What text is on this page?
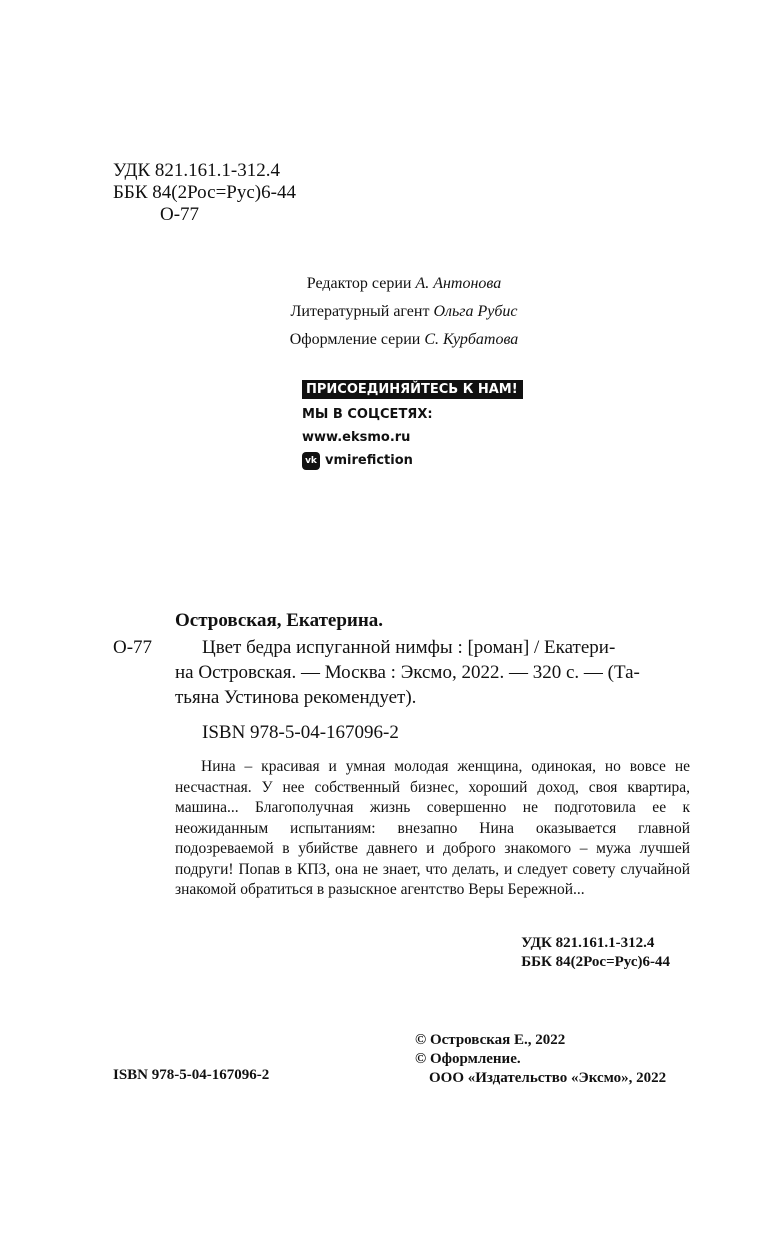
УДК 821.161.1-312.4
ББК 84(2Рос=Рус)6-44
О-77
Редактор серии А. Антонова
Литературный агент Ольга Рубис
Оформление серии С. Курбатова
ПРИСОЕДИНЯЙТЕСЬ К НАМ!
МЫ В СОЦСЕТЯХ:
www.eksmo.ru
vk vmirefiction
Островская, Екатерина.
О-77	Цвет бедра испуганной нимфы : [роман] / Екатери-
на Островская. — Москва : Эксмо, 2022. — 320 с. — (Та-
тьяна Устинова рекомендует).
ISBN 978-5-04-167096-2

Нина – красивая и умная молодая женщина, одинокая, но вовсе не несчастная. У нее собственный бизнес, хороший доход, своя квартира, машина... Благополучная жизнь совершенно не подготовила ее к неожиданным испытаниям: внезапно Нина оказывается главной подозреваемой в убийстве давнего и доброго знакомого – мужа лучшей подруги! Попав в КПЗ, она не знает, что делать, и следует совету случайной знакомой обратиться в разыскное агентство Веры Бережной...

УДК 821.161.1-312.4
ББК 84(2Рос=Рус)6-44
ISBN 978-5-04-167096-2
© Островская Е., 2022
© Оформление.
ООО «Издательство «Эксмо», 2022
